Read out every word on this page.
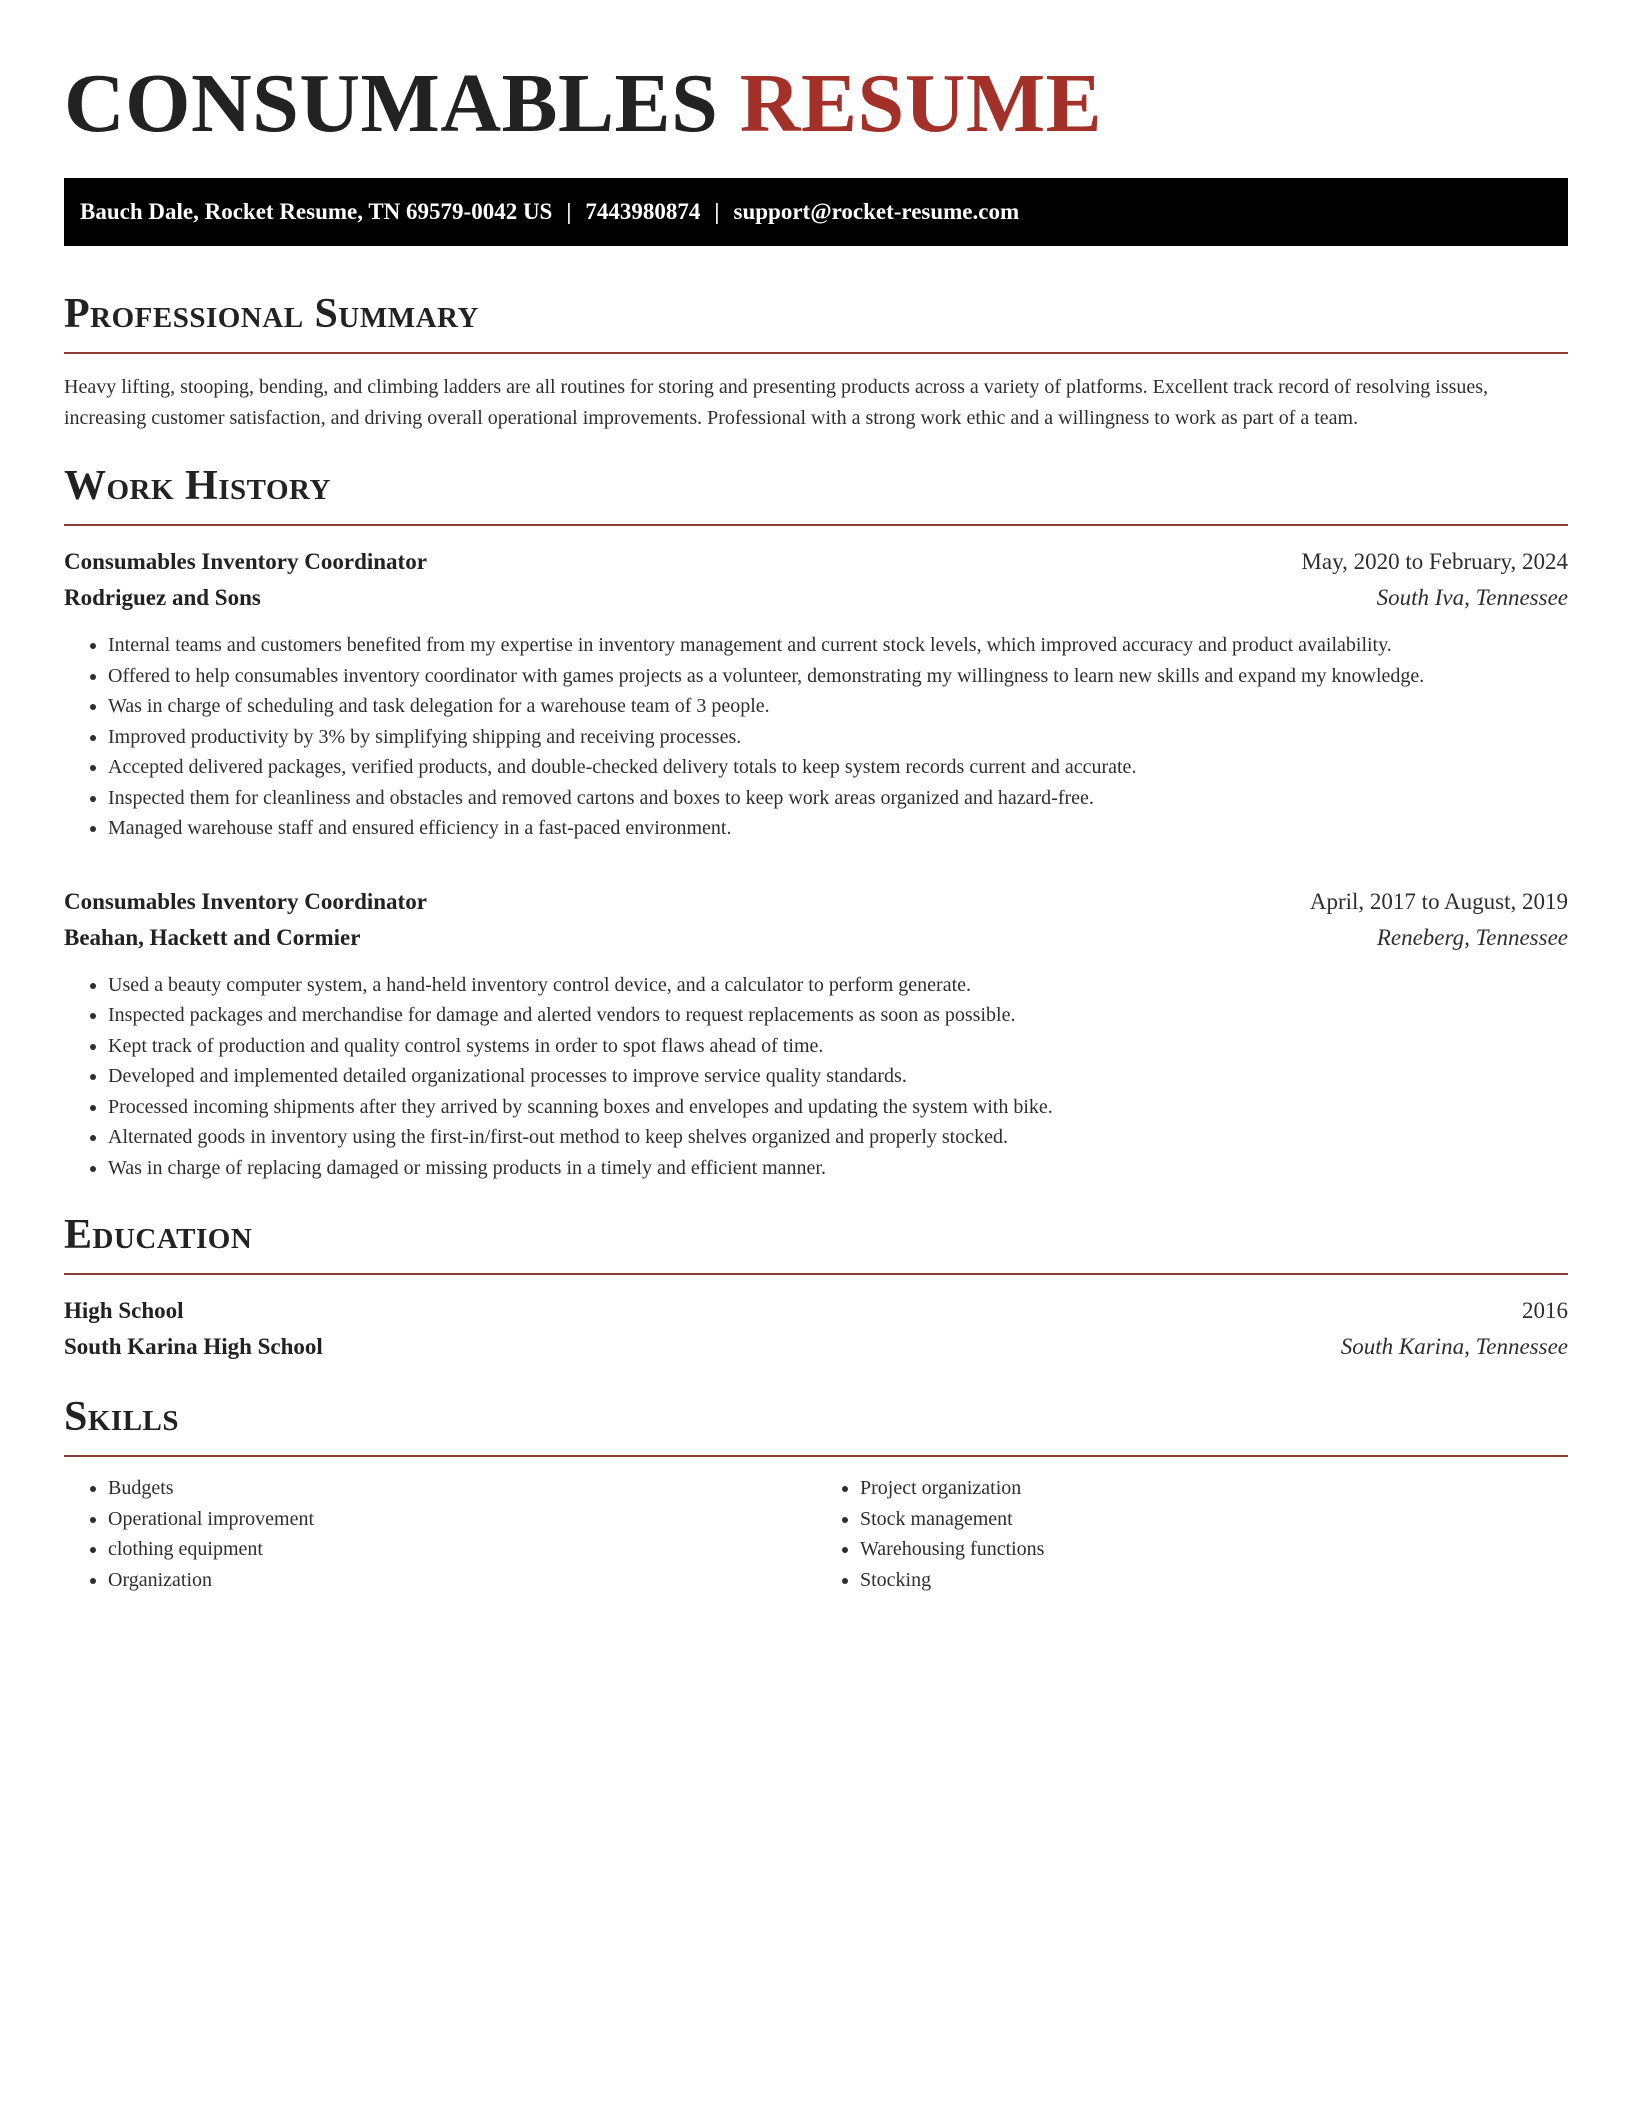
CONSUMABLES RESUME
Bauch Dale, Rocket Resume, TN 69579-0042 US | 7443980874 | support@rocket-resume.com
Professional Summary

Heavy lifting, stooping, bending, and climbing ladders are all routines for storing and presenting products across a variety of platforms. Excellent track record of resolving issues, increasing customer satisfaction, and driving overall operational improvements. Professional with a strong work ethic and a willingness to work as part of a team.

Work History
Consumables Inventory Coordinator	May, 2020 to February, 2024
Rodriguez and Sons	South Iva, Tennessee
• Internal teams and customers benefited from my expertise in inventory management and current stock levels, which improved accuracy and product availability.
• Offered to help consumables inventory coordinator with games projects as a volunteer, demonstrating my willingness to learn new skills and expand my knowledge.
• Was in charge of scheduling and task delegation for a warehouse team of 3 people.
• Improved productivity by 3% by simplifying shipping and receiving processes.
• Accepted delivered packages, verified products, and double-checked delivery totals to keep system records current and accurate.
• Inspected them for cleanliness and obstacles and removed cartons and boxes to keep work areas organized and hazard-free.
• Managed warehouse staff and ensured efficiency in a fast-paced environment.
Consumables Inventory Coordinator	April, 2017 to August, 2019
Beahan, Hackett and Cormier	Reneberg, Tennessee
• Used a beauty computer system, a hand-held inventory control device, and a calculator to perform generate.
• Inspected packages and merchandise for damage and alerted vendors to request replacements as soon as possible.
• Kept track of production and quality control systems in order to spot flaws ahead of time.
• Developed and implemented detailed organizational processes to improve service quality standards.
• Processed incoming shipments after they arrived by scanning boxes and envelopes and updating the system with bike.
• Alternated goods in inventory using the first-in/first-out method to keep shelves organized and properly stocked.
• Was in charge of replacing damaged or missing products in a timely and efficient manner.
Education
High School	2016
South Karina High School	South Karina, Tennessee
Skills
• Budgets
• Operational improvement
• clothing equipment
• Organization
• Project organization
• Stock management
• Warehousing functions
• Stocking
